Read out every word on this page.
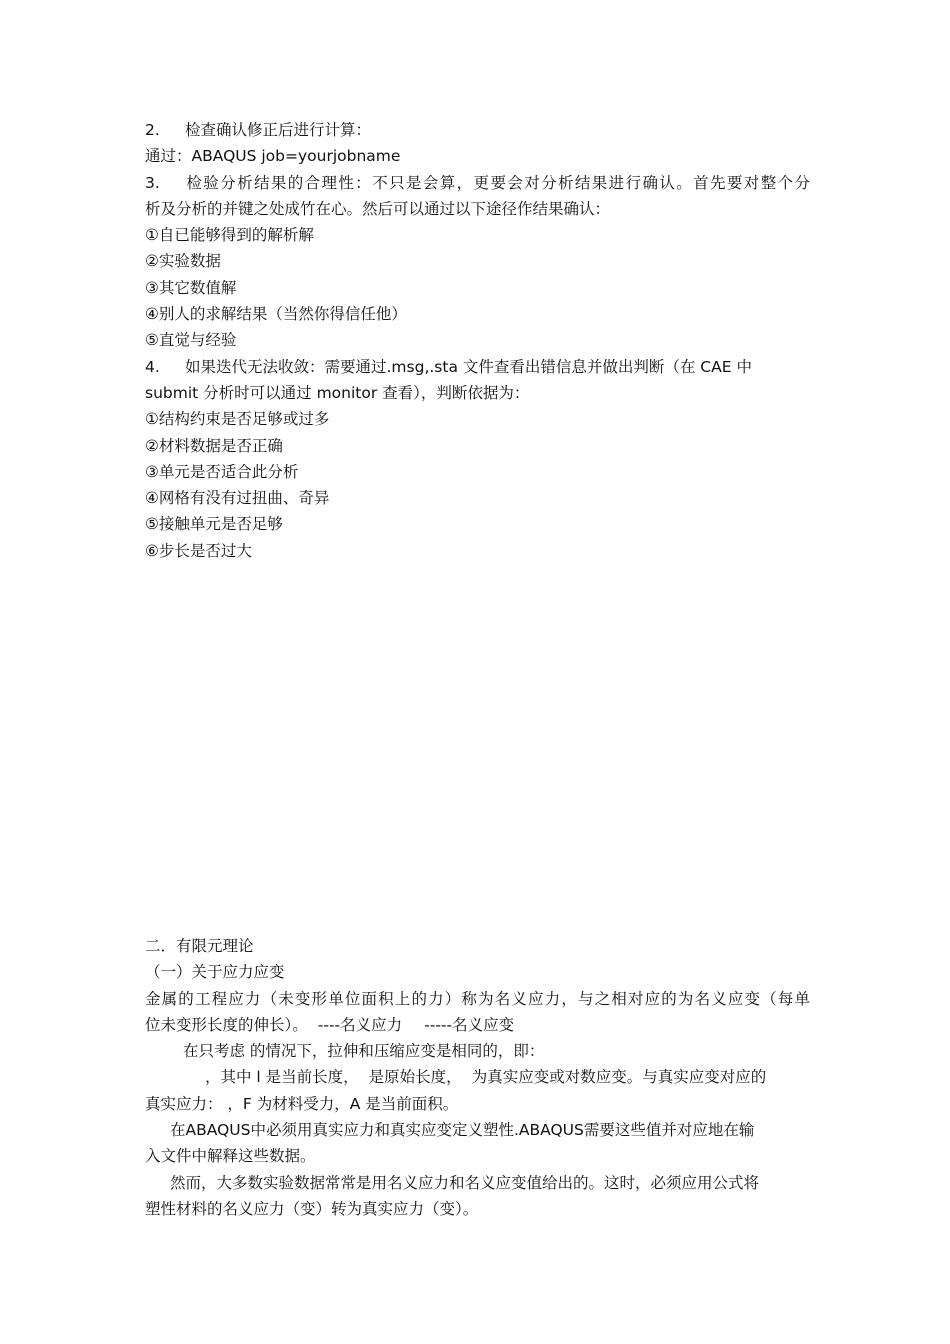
2. 检查确认修正后进行计算：
通过：ABAQUS job=yourjobname
3. 检验分析结果的合理性：不只是会算，更要会对分析结果进行确认。首先要对整个分
析及分析的并键之处成竹在心。然后可以通过以下途径作结果确认：
①自已能够得到的解析解
②实验数据
③其它数值解
④别人的求解结果（当然你得信任他）
⑤直觉与经验
4. 如果迭代无法收敛：需要通过.msg,.sta 文件查看出错信息并做出判断（在 CAE 中
submit 分析时可以通过 monitor 查看），判断依据为：
①结构约束是否足够或过多
②材料数据是否正确
③单元是否适合此分析
④网格有没有过扭曲、奇异
⑤接触单元是否足够
⑥步长是否过大
二．有限元理论
（一）关于应力应变
金属的工程应力（未变形单位面积上的力）称为名义应力，与之相对应的为名义应变（每单
位未变形长度的伸长）。 ----名义应力 -----名义应变
在只考虑 的情况下，拉伸和压缩应变是相同的，即：
，其中 l 是当前长度， 是原始长度， 为真实应变或对数应变。与真实应变对应的
真实应力： ，F 为材料受力，A 是当前面积。
在ABAQUS中必须用真实应力和真实应变定义塑性.ABAQUS需要这些值并对应地在输
入文件中解释这些数据。
然而，大多数实验数据常常是用名义应力和名义应变值给出的。这时，必须应用公式将
塑性材料的名义应力（变）转为真实应力（变）。
